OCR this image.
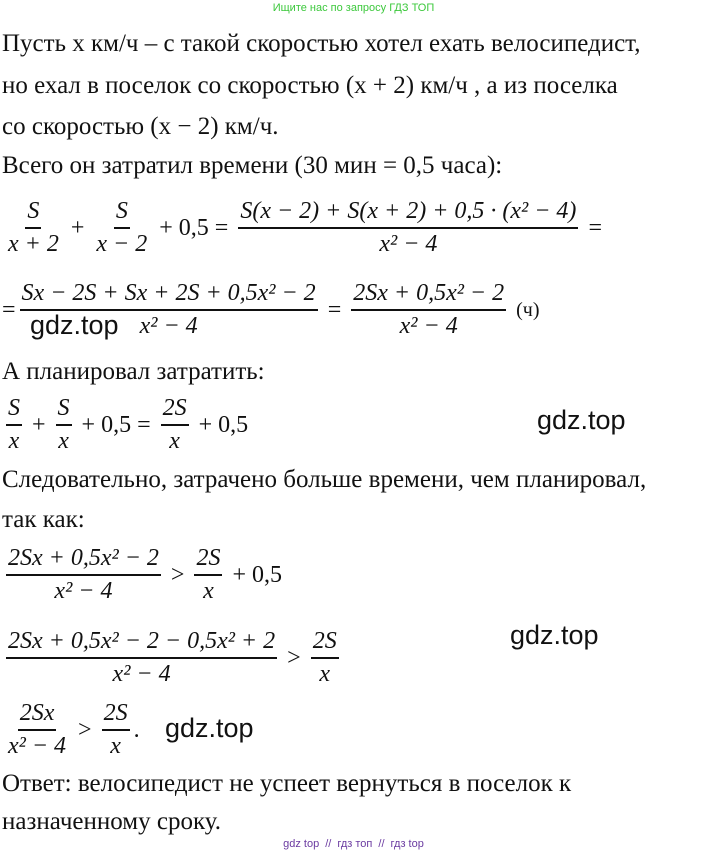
Ищите нас по запросу ГДЗ ТОП
Пусть x км/ч – с такой скоростью хотел ехать велосипедист,
но ехал в поселок со скоростью (x + 2) км/ч , а из поселка
со скоростью (x − 2) км/ч.
Всего он затратил времени (30 мин = 0,5 часа):
$\frac{S}{x + 2} + \frac{S}{x - 2} + 0,5 = \frac{\text{S(x − 2) + S(x + 2) + 0,5 · (x² − 4)}}{\text{x² − 4}}$ =
= $\frac{\text{Sx − 2S + Sx + 2S + 0,5x² − 2}}{\text{x² − 4}} = \frac{\text{2Sx + 0,5x² − 2}}{\text{x² − 4}} (ч)$
А планировал затратить:
$\frac{S}{x} + \frac{S}{x} + 0,5 = \frac{2S}{x} + 0,5$
Следовательно, затрачено больше времени, чем планировал,
так как:
$\frac{\text{2Sx + 0,5x² − 2}}{\text{x² − 4}} > \frac{2S}{x} + 0,5$
$\frac{\text{2Sx + 0,5x² − 2 − 0,5x² + 2}}{\text{x² − 4}} > \frac{2S}{x}$
$\frac{2Sx}{\text{x² − 4}} > \frac{2S}{x}$ .
Ответ: велосипедист не успеет вернуться в поселок к
назначенному сроку.
gdz.top
gdz.top
gdz.top
gdz.top
gdz top // гдз топ // гдз top
